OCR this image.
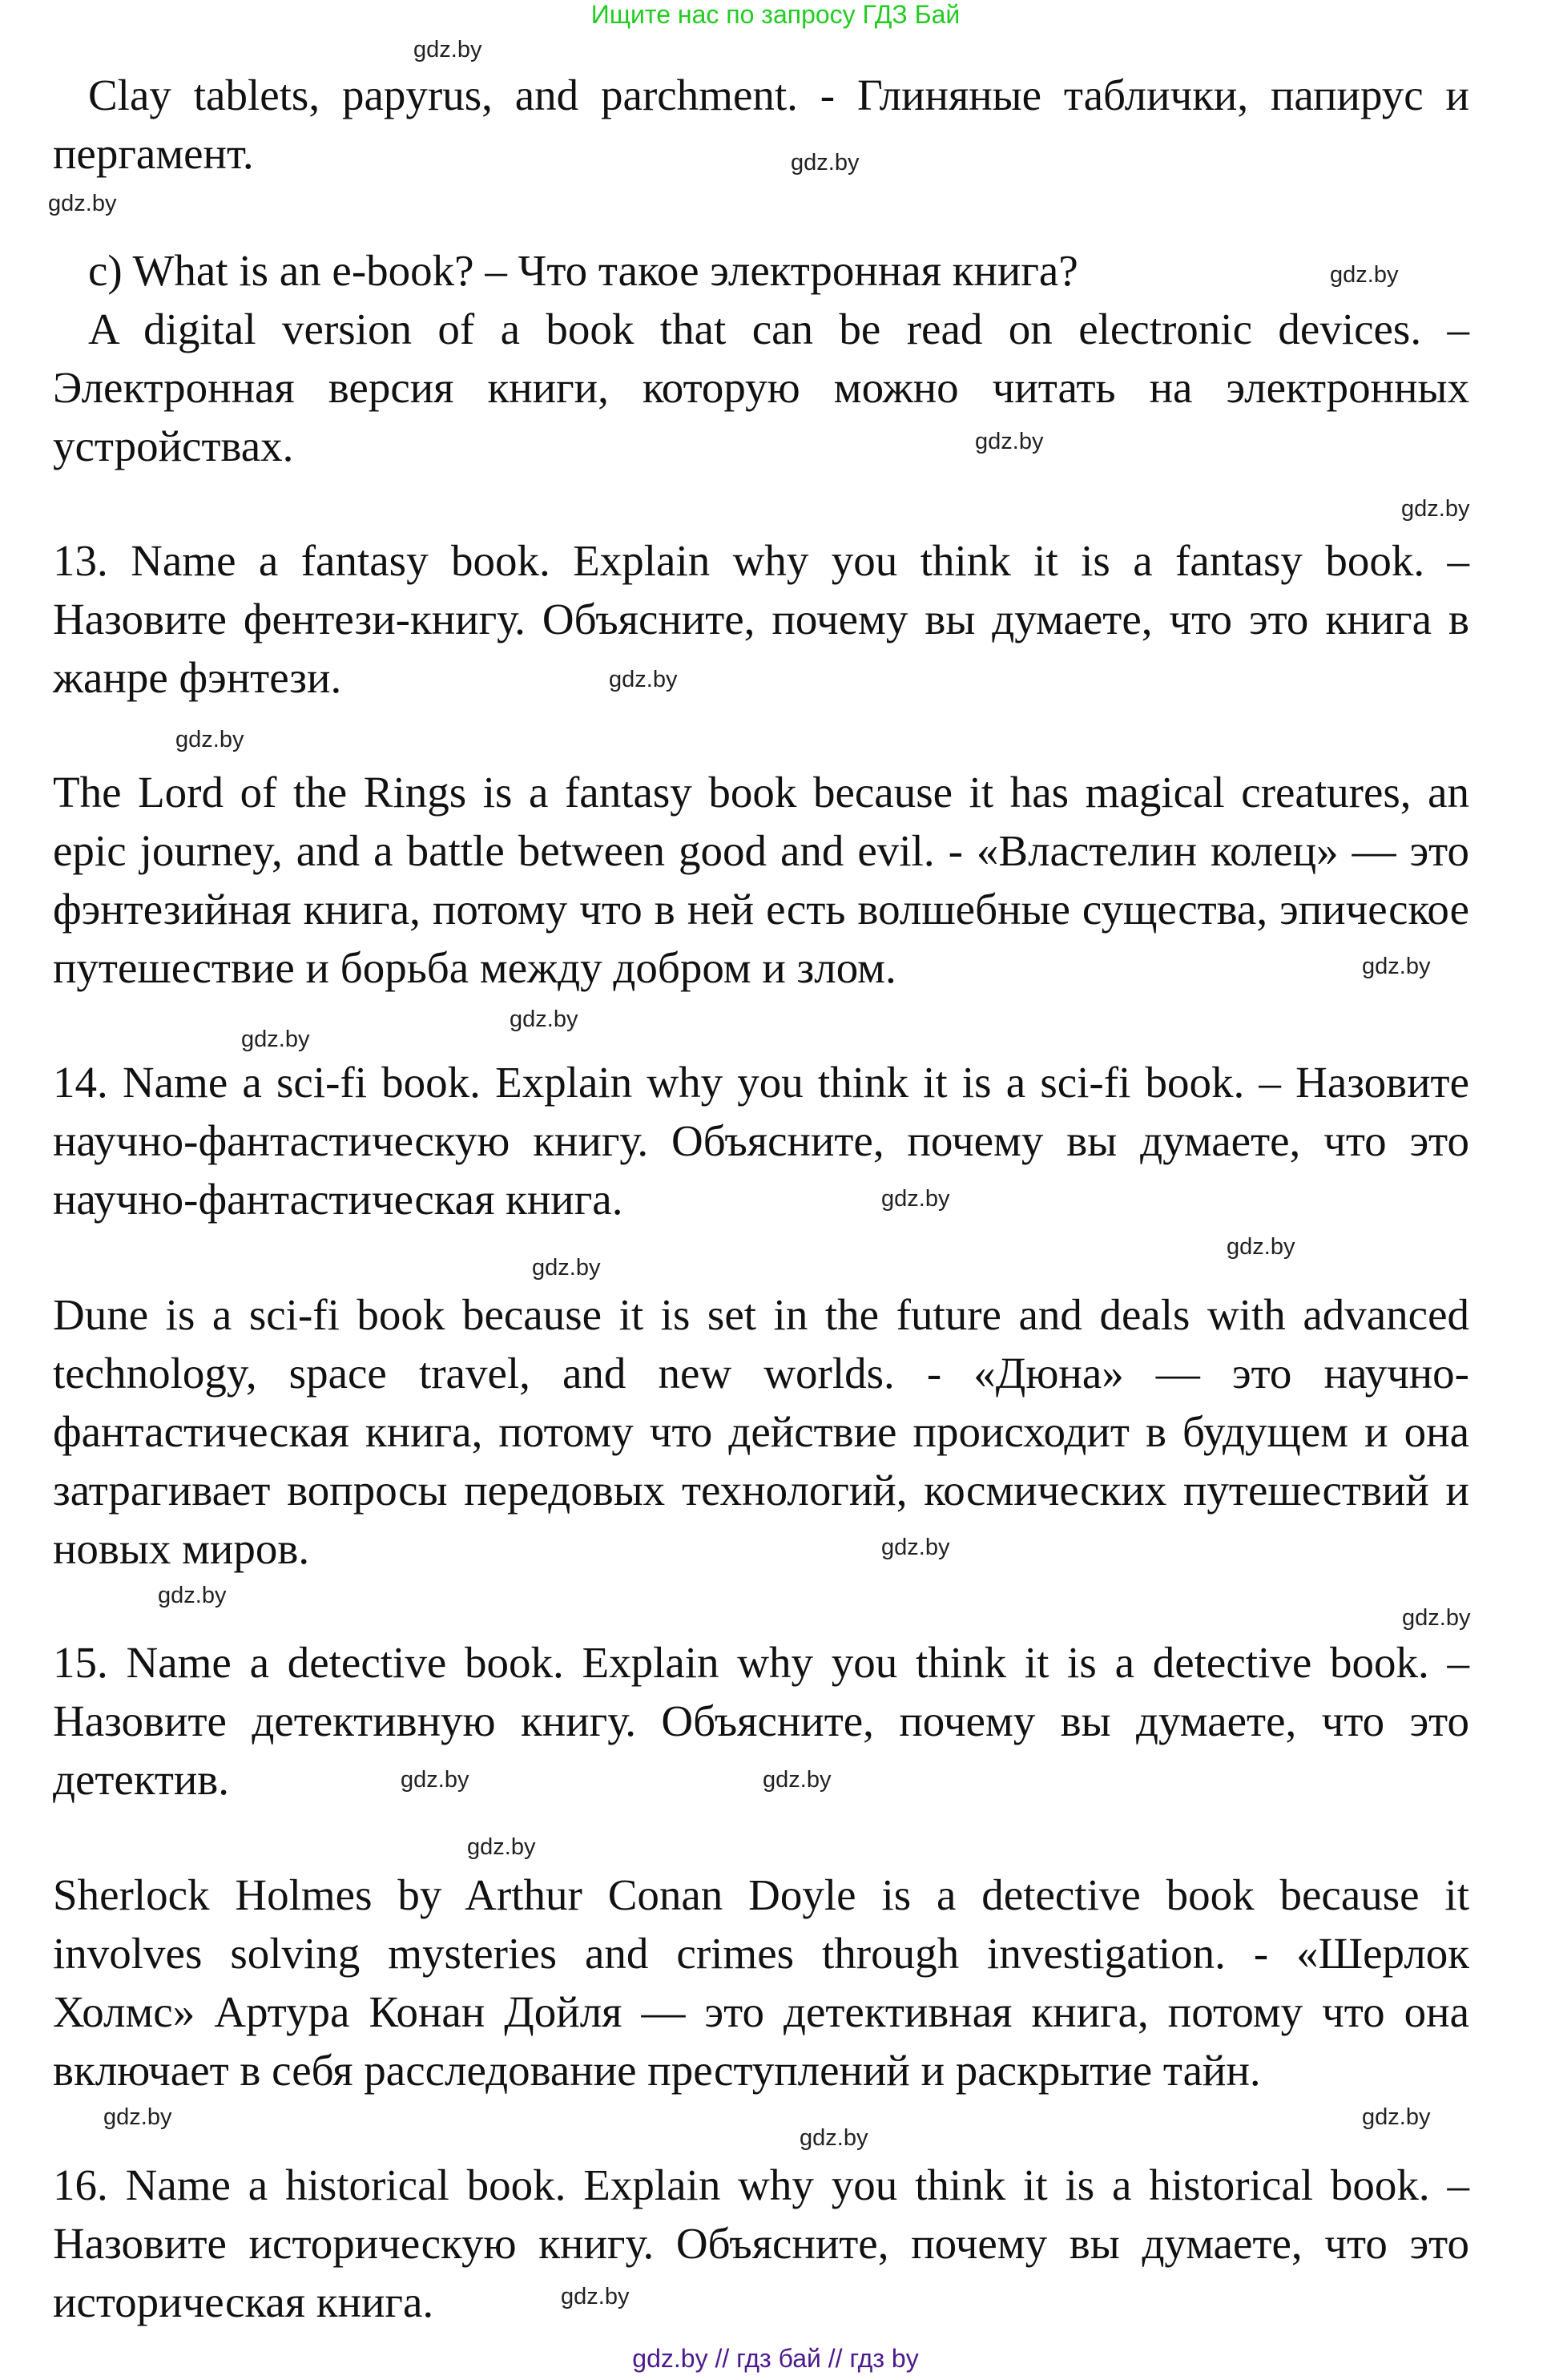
Ищите нас по запросу ГДЗ Бай

Clay tablets, papyrus, and parchment. - Глиняные таблички, папирус и пергамент.

c) What is an e-book? – Что такое электронная книга?

A digital version of a book that can be read on electronic devices. – Электронная версия книги, которую можно читать на электронных устройствах.

13. Name a fantasy book. Explain why you think it is a fantasy book. – Назовите фентези-книгу. Объясните, почему вы думаете, что это книга в жанре фэнтези.

The Lord of the Rings is a fantasy book because it has magical creatures, an epic journey, and a battle between good and evil. - «Властелин колец» — это фэнтезийная книга, потому что в ней есть волшебные существа, эпическое путешествие и борьба между добром и злом.

14. Name a sci-fi book. Explain why you think it is a sci-fi book. – Назовите научно-фантастическую книгу. Объясните, почему вы думаете, что это научно-фантастическая книга.

Dune is a sci-fi book because it is set in the future and deals with advanced technology, space travel, and new worlds. - «Дюна» — это научно-фантастическая книга, потому что действие происходит в будущем и она затрагивает вопросы передовых технологий, космических путешествий и новых миров.

15. Name a detective book. Explain why you think it is a detective book. – Назовите детективную книгу. Объясните, почему вы думаете, что это детектив.

Sherlock Holmes by Arthur Conan Doyle is a detective book because it involves solving mysteries and crimes through investigation. - «Шерлок Холмс» Артура Конан Дойля — это детективная книга, потому что она включает в себя расследование преступлений и раскрытие тайн.

16. Name a historical book. Explain why you think it is a historical book. – Назовите историческую книгу. Объясните, почему вы думаете, что это историческая книга.

gdz.by
gdz.by
gdz.by
gdz.by
gdz.by
gdz.by
gdz.by
gdz.by
gdz.by
gdz.by
gdz.by
gdz.by
gdz.by
gdz.by
gdz.by
gdz.by
gdz.by
gdz.by
gdz.by
gdz.by
gdz.by
gdz.by
gdz.by
gdz.by
gdz.by // гдз бай // гдз by
